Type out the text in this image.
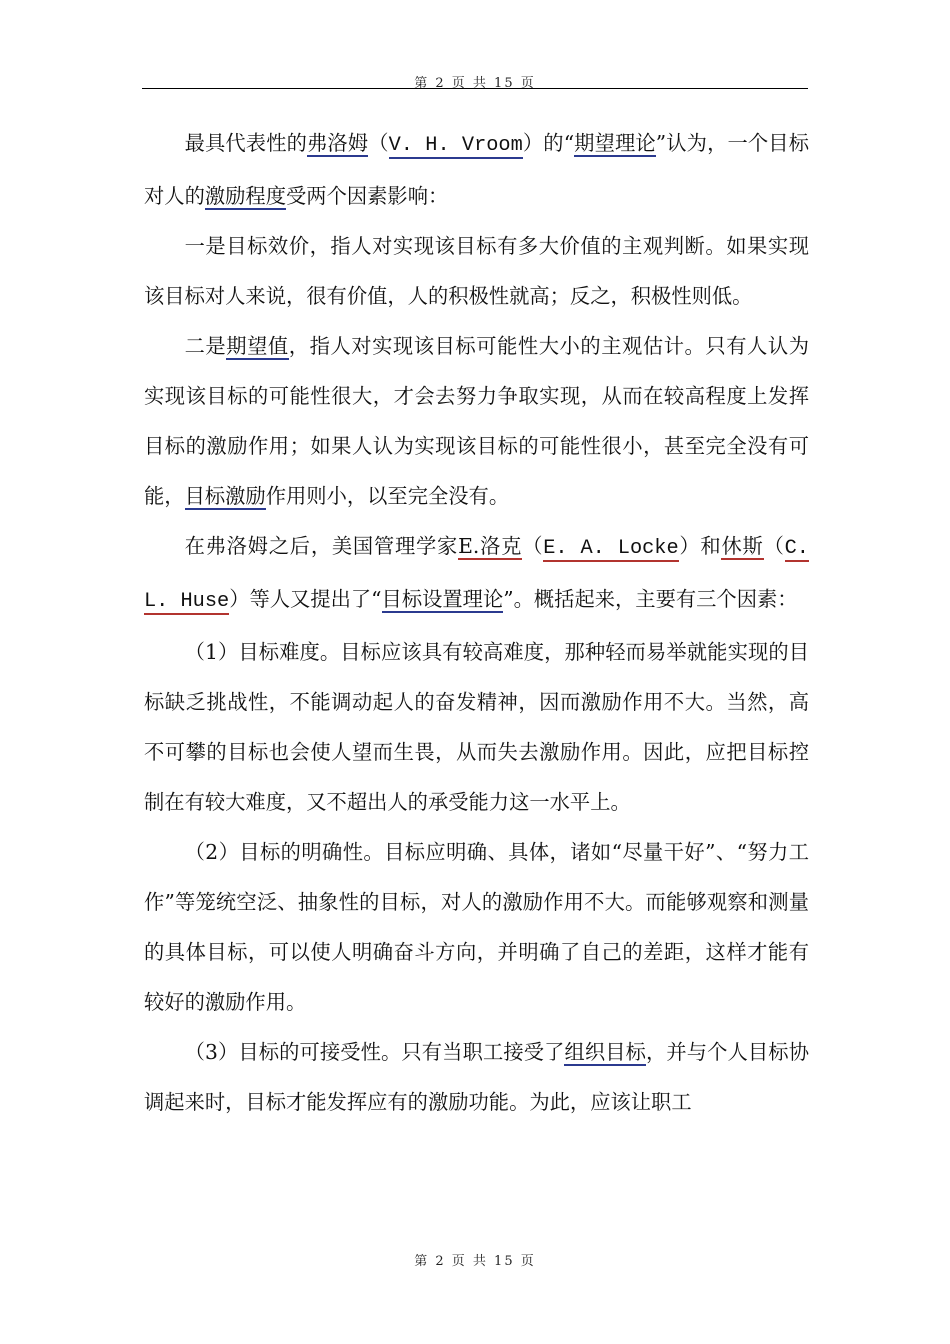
第 2 页 共 15 页

最具代表性的弗洛姆（V. H. Vroom）的“期望理论”认为，一个目标对人的激励程度受两个因素影响：

一是目标效价，指人对实现该目标有多大价值的主观判断。如果实现该目标对人来说，很有价值，人的积极性就高；反之，积极性则低。

二是期望值，指人对实现该目标可能性大小的主观估计。只有人认为实现该目标的可能性很大，才会去努力争取实现，从而在较高程度上发挥目标的激励作用；如果人认为实现该目标的可能性很小，甚至完全没有可能，目标激励作用则小，以至完全没有。

在弗洛姆之后，美国管理学家E.洛克（E. A. Locke）和休斯（C. L. Huse）等人又提出了“目标设置理论”。概括起来，主要有三个因素：

（1）目标难度。目标应该具有较高难度，那种轻而易举就能实现的目标缺乏挑战性，不能调动起人的奋发精神，因而激励作用不大。当然，高不可攀的目标也会使人望而生畏，从而失去激励作用。因此，应把目标控制在有较大难度，又不超出人的承受能力这一水平上。

（2）目标的明确性。目标应明确、具体，诸如“尽量干好”、“努力工作”等笼统空泛、抽象性的目标，对人的激励作用不大。而能够观察和测量的具体目标，可以使人明确奋斗方向，并明确了自己的差距，这样才能有较好的激励作用。

（3）目标的可接受性。只有当职工接受了组织目标，并与个人目标协调起来时，目标才能发挥应有的激励功能。为此，应该让职工

第 2 页 共 15 页
